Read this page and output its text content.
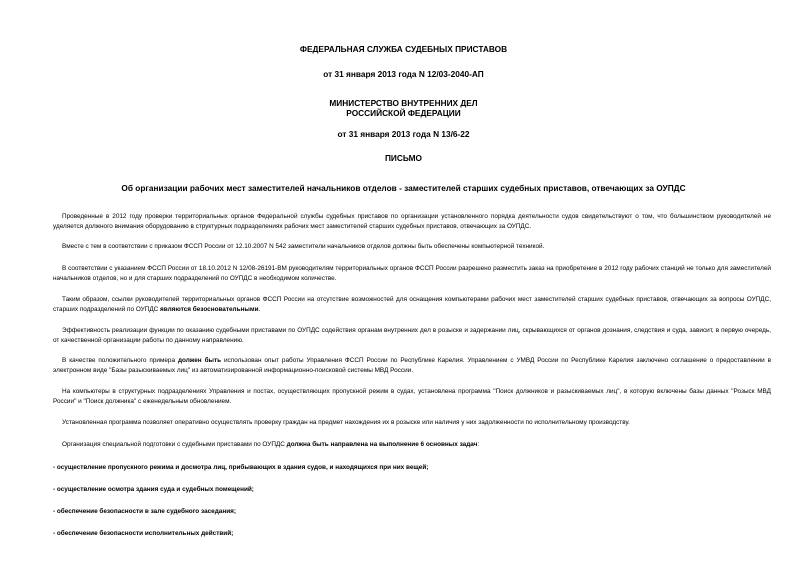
ФЕДЕРАЛЬНАЯ СЛУЖБА СУДЕБНЫХ ПРИСТАВОВ
от 31 января 2013 года N 12/03-2040-АП
МИНИСТЕРСТВО ВНУТРЕННИХ ДЕЛ
РОССИЙСКОЙ ФЕДЕРАЦИИ
от 31 января 2013 года N 13/6-22
ПИСЬМО
Об организации рабочих мест заместителей начальников отделов - заместителей старших судебных приставов, отвечающих за ОУПДС
Проведенные в 2012 году проверки территориальных органов Федеральной службы судебных приставов по организации установленного порядка деятельности судов свидетельствуют о том, что большинством руководителей не уделяется должного внимания оборудованию в структурных подразделениях рабочих мест заместителей старших судебных приставов, отвечающих за ОУПДС.
Вместе с тем в соответствии с приказом ФССП России от 12.10.2007 N 542 заместители начальников отделов должны быть обеспечены компьютерной техникой.
В соответствии с указанием ФССП России от 18.10.2012 N 12/08-26191-ВМ руководителям территориальных органов ФССП России разрешено разместить заказ на приобретение в 2012 году рабочих станций не только для заместителей начальников отделов, но и для старших подразделений по ОУПДС в необходимом количестве.
Таким образом, ссылки руководителей территориальных органов ФССП России на отсутствие возможностей для оснащения компьютерами рабочих мест заместителей старших судебных приставов, отвечающих за вопросы ОУПДС, старших подразделений по ОУПДС являются безосновательными.
Эффективность реализации функции по оказанию судебными приставами по ОУПДС содействия органам внутренних дел в розыске и задержании лиц, скрывающихся от органов дознания, следствия и суда, зависит, в первую очередь, от качественной организации работы по данному направлению.
В качестве положительного примера должен быть использован опыт работы Управления ФССП России по Республике Карелия. Управлением с УМВД России по Республике Карелия заключено соглашение о предоставлении в электронном виде "Базы разыскиваемых лиц" из автоматизированной информационно-поисковой системы МВД России.
На компьютеры в структурных подразделениях Управления и постах, осуществляющих пропускной режим в судах, установлена программа "Поиск должников и разыскиваемых лиц", в которую включены базы данных "Розыск МВД России" и "Поиск должника" с еженедельным обновлением.
Установленная программа позволяет оперативно осуществлять проверку граждан на предмет нахождения их в розыске или наличия у них задолженности по исполнительному производству.
Организация специальной подготовки с судебными приставами по ОУПДС должна быть направлена на выполнение 6 основных задач:
- осуществление пропускного режима и досмотра лиц, прибывающих в здания судов, и находящихся при них вещей;
- осуществление осмотра здания суда и судебных помещений;
- обеспечение безопасности в зале судебного заседания;
- обеспечение безопасности исполнительных действий;
